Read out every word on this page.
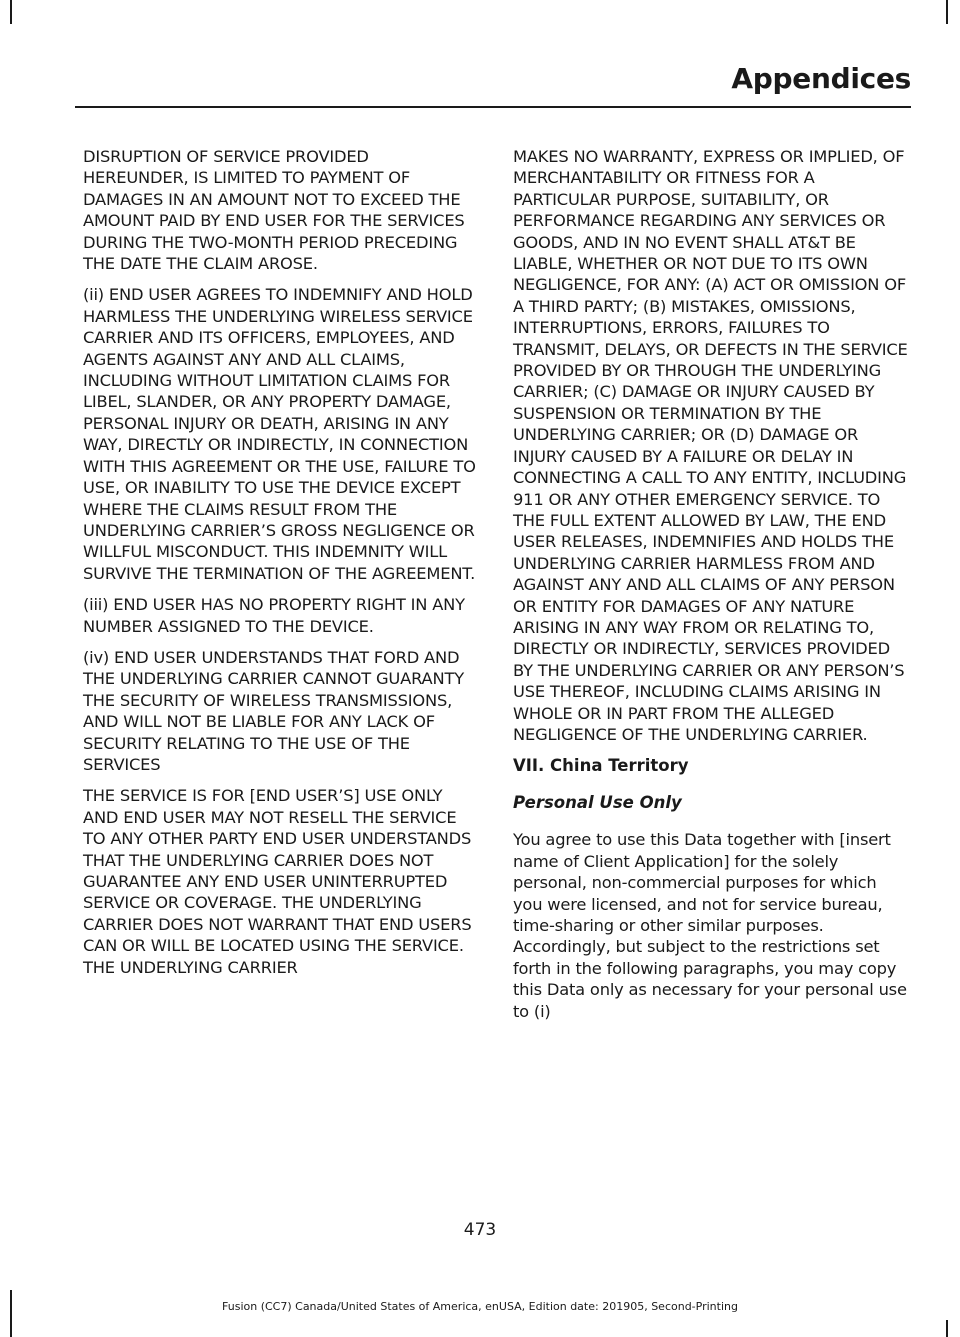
Appendices

DISRUPTION OF SERVICE PROVIDED HEREUNDER, IS LIMITED TO PAYMENT OF DAMAGES IN AN AMOUNT NOT TO EXCEED THE AMOUNT PAID BY END USER FOR THE SERVICES DURING THE TWO-MONTH PERIOD PRECEDING THE DATE THE CLAIM AROSE.

(ii) END USER AGREES TO INDEMNIFY AND HOLD HARMLESS THE UNDERLYING WIRELESS SERVICE CARRIER AND ITS OFFICERS, EMPLOYEES, AND AGENTS AGAINST ANY AND ALL CLAIMS, INCLUDING WITHOUT LIMITATION CLAIMS FOR LIBEL, SLANDER, OR ANY PROPERTY DAMAGE, PERSONAL INJURY OR DEATH, ARISING IN ANY WAY, DIRECTLY OR INDIRECTLY, IN CONNECTION WITH THIS AGREEMENT OR THE USE, FAILURE TO USE, OR INABILITY TO USE THE DEVICE EXCEPT WHERE THE CLAIMS RESULT FROM THE UNDERLYING CARRIER’S GROSS NEGLIGENCE OR WILLFUL MISCONDUCT. THIS INDEMNITY WILL SURVIVE THE TERMINATION OF THE AGREEMENT.

(iii) END USER HAS NO PROPERTY RIGHT IN ANY NUMBER ASSIGNED TO THE DEVICE.

(iv) END USER UNDERSTANDS THAT FORD AND THE UNDERLYING CARRIER CANNOT GUARANTY THE SECURITY OF WIRELESS TRANSMISSIONS, AND WILL NOT BE LIABLE FOR ANY LACK OF SECURITY RELATING TO THE USE OF THE SERVICES

THE SERVICE IS FOR [END USER’S] USE ONLY AND END USER MAY NOT RESELL THE SERVICE TO ANY OTHER PARTY END USER UNDERSTANDS THAT THE UNDERLYING CARRIER DOES NOT GUARANTEE ANY END USER UNINTERRUPTED SERVICE OR COVERAGE. THE UNDERLYING CARRIER DOES NOT WARRANT THAT END USERS CAN OR WILL BE LOCATED USING THE SERVICE. THE UNDERLYING CARRIER

MAKES NO WARRANTY, EXPRESS OR IMPLIED, OF MERCHANTABILITY OR FITNESS FOR A PARTICULAR PURPOSE, SUITABILITY, OR PERFORMANCE REGARDING ANY SERVICES OR GOODS, AND IN NO EVENT SHALL AT&T BE LIABLE, WHETHER OR NOT DUE TO ITS OWN NEGLIGENCE, FOR ANY: (A) ACT OR OMISSION OF A THIRD PARTY; (B) MISTAKES, OMISSIONS, INTERRUPTIONS, ERRORS, FAILURES TO TRANSMIT, DELAYS, OR DEFECTS IN THE SERVICE PROVIDED BY OR THROUGH THE UNDERLYING CARRIER; (C) DAMAGE OR INJURY CAUSED BY SUSPENSION OR TERMINATION BY THE UNDERLYING CARRIER; OR (D) DAMAGE OR INJURY CAUSED BY A FAILURE OR DELAY IN CONNECTING A CALL TO ANY ENTITY, INCLUDING 911 OR ANY OTHER EMERGENCY SERVICE. TO THE FULL EXTENT ALLOWED BY LAW, THE END USER RELEASES, INDEMNIFIES AND HOLDS THE UNDERLYING CARRIER HARMLESS FROM AND AGAINST ANY AND ALL CLAIMS OF ANY PERSON OR ENTITY FOR DAMAGES OF ANY NATURE ARISING IN ANY WAY FROM OR RELATING TO, DIRECTLY OR INDIRECTLY, SERVICES PROVIDED BY THE UNDERLYING CARRIER OR ANY PERSON’S USE THEREOF, INCLUDING CLAIMS ARISING IN WHOLE OR IN PART FROM THE ALLEGED NEGLIGENCE OF THE UNDERLYING CARRIER.

VII. China Territory
Personal Use Only

You agree to use this Data together with [insert name of Client Application] for the solely personal, non-commercial purposes for which you were licensed, and not for service bureau, time-sharing or other similar purposes. Accordingly, but subject to the restrictions set forth in the following paragraphs, you may copy this Data only as necessary for your personal use to (i)

473
Fusion (CC7) Canada/United States of America, enUSA, Edition date: 201905, Second-Printing
